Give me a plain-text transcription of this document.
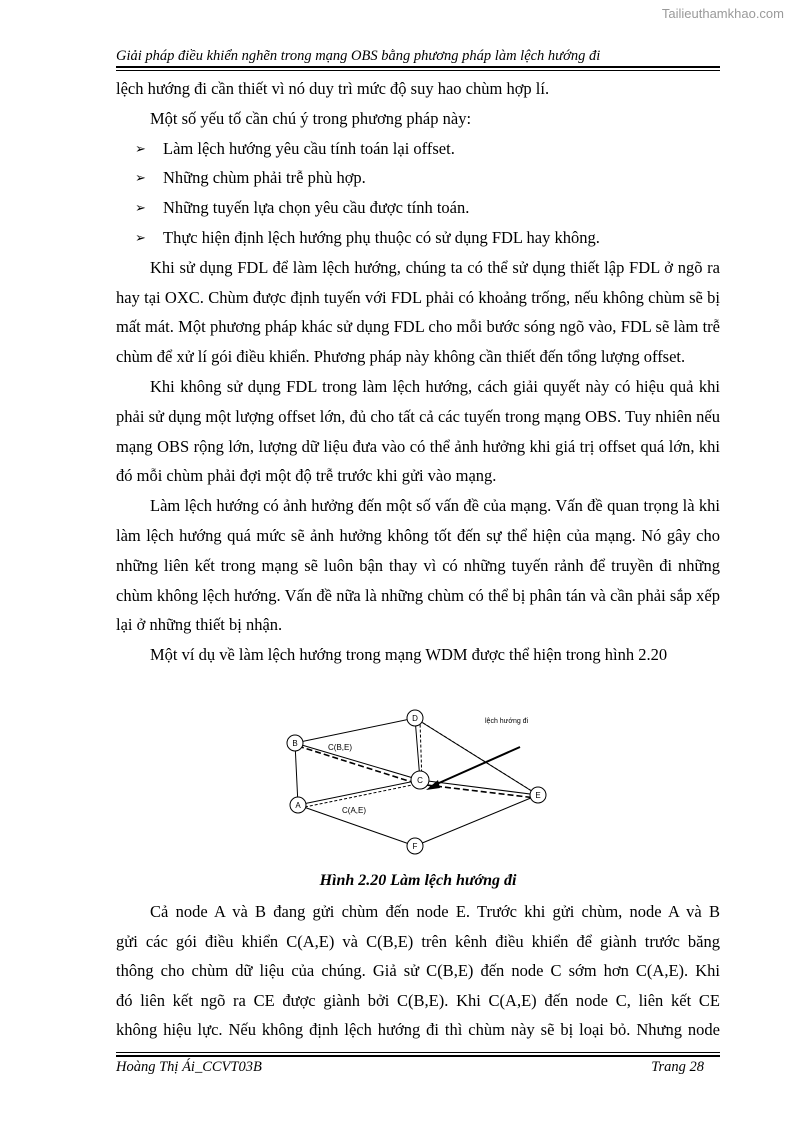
Tailieuthamkhao.com
Giải pháp điều khiển nghẽn trong mạng OBS bằng phương pháp làm lệch hướng đi

lệch hướng đi cần thiết vì nó duy trì mức độ suy hao chùm hợp lí.

Một số yếu tố cần chú ý trong phương pháp này:

➢ Làm lệch hướng yêu cầu tính toán lại offset.
➢ Những chùm phải trễ phù hợp.
➢ Những tuyến lựa chọn yêu cầu được tính toán.
➢ Thực hiện định lệch hướng phụ thuộc có sử dụng FDL hay không.

Khi sử dụng FDL để làm lệch hướng, chúng ta có thể sử dụng thiết lập FDL ở ngõ ra hay tại OXC. Chùm được định tuyến với FDL phải có khoảng trống, nếu không chùm sẽ bị mất mát. Một phương pháp khác sử dụng FDL cho mỗi bước sóng ngõ vào, FDL sẽ làm trễ chùm để xử lí gói điều khiển. Phương pháp này không cần thiết đến tổng lượng offset.

Khi không sử dụng FDL trong làm lệch hướng, cách giải quyết này có hiệu quả khi phải sử dụng một lượng offset lớn, đủ cho tất cả các tuyến trong mạng OBS. Tuy nhiên nếu mạng OBS rộng lớn, lượng dữ liệu đưa vào có thể ảnh hưởng khi giá trị offset quá lớn, khi đó mỗi chùm phải đợi một độ trễ trước khi gửi vào mạng.

Làm lệch hướng có ảnh hưởng đến một số vấn đề của mạng. Vấn đề quan trọng là khi làm lệch hướng quá mức sẽ ảnh hưởng không tốt đến sự thể hiện của mạng. Nó gây cho những liên kết trong mạng sẽ luôn bận thay vì có những tuyến rảnh để truyền đi những chùm không lệch hướng. Vấn đề nữa là những chùm có thể bị phân tán và cần phải sắp xếp lại ở những thiết bị nhận.

Một ví dụ về làm lệch hướng trong mạng WDM được thể hiện trong hình 2.20

D
B
C
A
E
F
C(B,E)
C(A,E)
lệch hướng đi
Hình 2.20 Làm lệch hướng đi

Cả node A và B đang gửi chùm đến node E. Trước khi gửi chùm, node A và B

gửi các gói điều khiển C(A,E) và C(B,E) trên kênh điều khiển để giành trước băng

thông cho chùm dữ liệu của chúng. Giả sử C(B,E) đến node C sớm hơn C(A,E). Khi

đó liên kết ngõ ra CE được giành bởi C(B,E). Khi C(A,E) đến node C, liên kết CE

không hiệu lực. Nếu không định lệch hướng đi thì chùm này sẽ bị loại bỏ. Nhưng node

Hoàng Thị Ái_CCVT03B	Trang 28
